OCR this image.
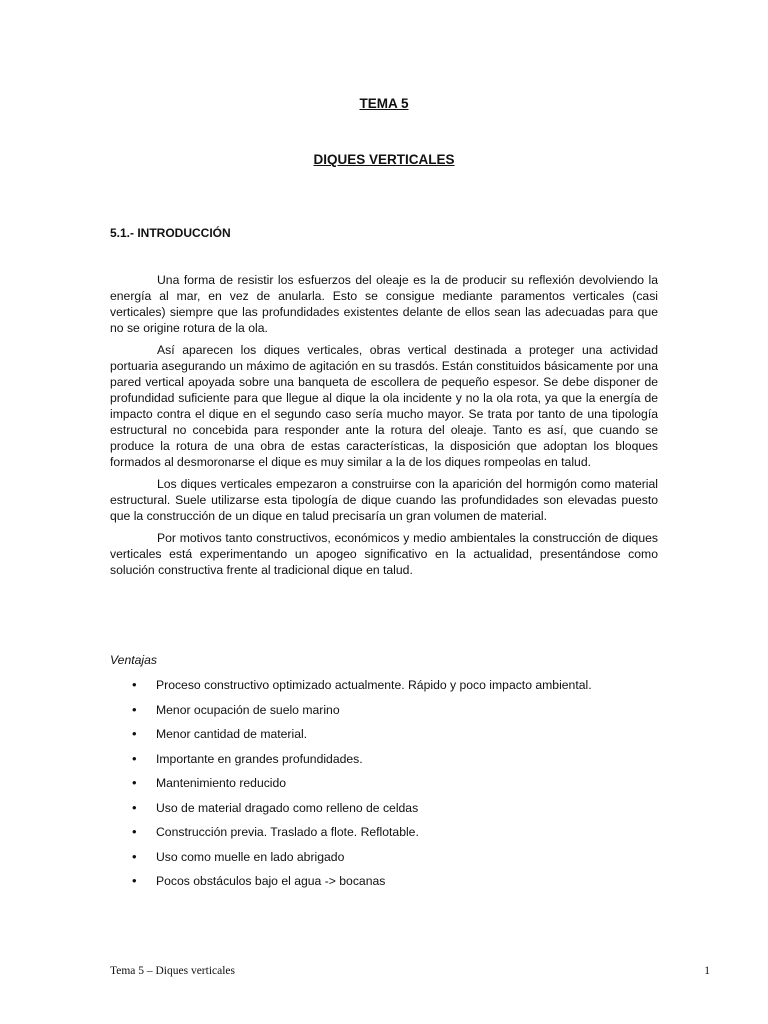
TEMA 5
DIQUES VERTICALES
5.1.- INTRODUCCIÓN

Una forma de resistir los esfuerzos del oleaje es la de producir su reflexión devolviendo la energía al mar, en vez de anularla. Esto se consigue mediante paramentos verticales (casi verticales) siempre que las profundidades existentes delante de ellos sean las adecuadas para que no se origine rotura de la ola.

Así aparecen los diques verticales, obras vertical destinada a proteger una actividad portuaria asegurando un máximo de agitación en su trasdós. Están constituidos básicamente por una pared vertical apoyada sobre una banqueta de escollera de pequeño espesor. Se debe disponer de profundidad suficiente para que llegue al dique la ola incidente y no la ola rota, ya que la energía de impacto contra el dique en el segundo caso sería mucho mayor. Se trata por tanto de una tipología estructural no concebida para responder ante la rotura del oleaje. Tanto es así, que cuando se produce la rotura de una obra de estas características, la disposición que adoptan los bloques formados al desmoronarse el dique es muy similar a la de los diques rompeolas en talud.

Los diques verticales empezaron a construirse con la aparición del hormigón como material estructural. Suele utilizarse esta tipología de dique cuando las profundidades son elevadas puesto que la construcción de un dique en talud precisaría un gran volumen de material.

Por motivos tanto constructivos, económicos y medio ambientales la construcción de diques verticales está experimentando un apogeo significativo en la actualidad, presentándose como solución constructiva frente al tradicional dique en talud.

Ventajas
• Proceso constructivo optimizado actualmente. Rápido y poco impacto ambiental.
• Menor ocupación de suelo marino
• Menor cantidad de material.
• Importante en grandes profundidades.
• Mantenimiento reducido
• Uso de material dragado como relleno de celdas
• Construcción previa. Traslado a flote. Reflotable.
• Uso como muelle en lado abrigado
• Pocos obstáculos bajo el agua -> bocanas
Tema 5 – Diques verticales	1
